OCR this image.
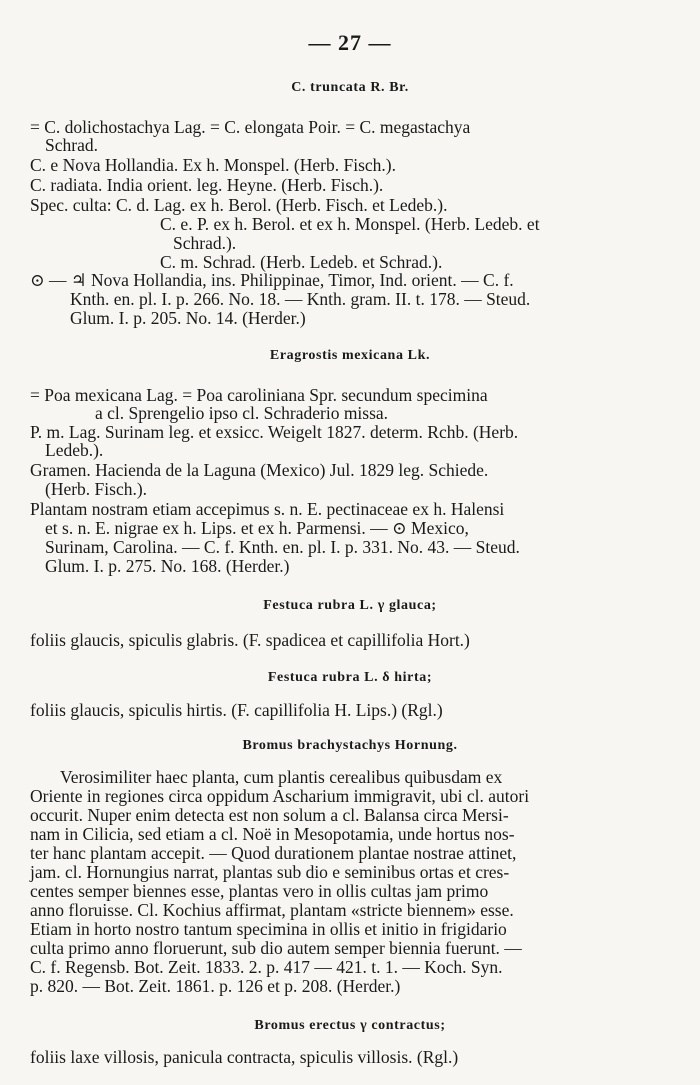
— 27 —
C. truncata R. Br.
= C. dolichostachya Lag. = C. elongata Poir. = C. megastachya
Schrad.
C. e Nova Hollandia. Ex h. Monspel. (Herb. Fisch.).
C. radiata. India orient. leg. Heyne. (Herb. Fisch.).
Spec. culta: C. d. Lag. ex h. Berol. (Herb. Fisch. et Ledeb.).
C. e. P. ex h. Berol. et ex h. Monspel. (Herb. Ledeb. et
Schrad.).
C. m. Schrad. (Herb. Ledeb. et Schrad.).
⊙ — ♃ Nova Hollandia, ins. Philippinae, Timor, Ind. orient. — C. f.
Knth. en. pl. I. p. 266. No. 18. — Knth. gram. II. t. 178. — Steud.
Glum. I. p. 205. No. 14. (Herder.)
Eragrostis mexicana Lk.
= Poa mexicana Lag. = Poa caroliniana Spr. secundum specimina
a cl. Sprengelio ipso cl. Schraderio missa.
P. m. Lag. Surinam leg. et exsicc. Weigelt 1827. determ. Rchb. (Herb.
Ledeb.).
Gramen. Hacienda de la Laguna (Mexico) Jul. 1829 leg. Schiede.
(Herb. Fisch.).
Plantam nostram etiam accepimus s. n. E. pectinaceae ex h. Halensi
et s. n. E. nigrae ex h. Lips. et ex h. Parmensi. — ⊙ Mexico,
Surinam, Carolina. — C. f. Knth. en. pl. I. p. 331. No. 43. — Steud.
Glum. I. p. 275. No. 168. (Herder.)
Festuca rubra L. γ glauca;
foliis glaucis, spiculis glabris. (F. spadicea et capillifolia Hort.)
Festuca rubra L. δ hirta;
foliis glaucis, spiculis hirtis. (F. capillifolia H. Lips.) (Rgl.)
Bromus brachystachys Hornung.
Verosimiliter haec planta, cum plantis cerealibus quibusdam ex
Oriente in regiones circa oppidum Ascharium immigravit, ubi cl. autori
occurit. Nuper enim detecta est non solum a cl. Balansa circa Mersi-
nam in Cilicia, sed etiam a cl. Noë in Mesopotamia, unde hortus nos-
ter hanc plantam accepit. — Quod durationem plantae nostrae attinet,
jam. cl. Hornungius narrat, plantas sub dio e seminibus ortas et cres-
centes semper biennes esse, plantas vero in ollis cultas jam primo
anno floruisse. Cl. Kochius affirmat, plantam «stricte biennem» esse.
Etiam in horto nostro tantum specimina in ollis et initio in frigidario
culta primo anno floruerunt, sub dio autem semper biennia fuerunt. —
C. f. Regensb. Bot. Zeit. 1833. 2. p. 417 — 421. t. 1. — Koch. Syn.
p. 820. — Bot. Zeit. 1861. p. 126 et p. 208. (Herder.)
Bromus erectus γ contractus;
foliis laxe villosis, panicula contracta, spiculis villosis. (Rgl.)
